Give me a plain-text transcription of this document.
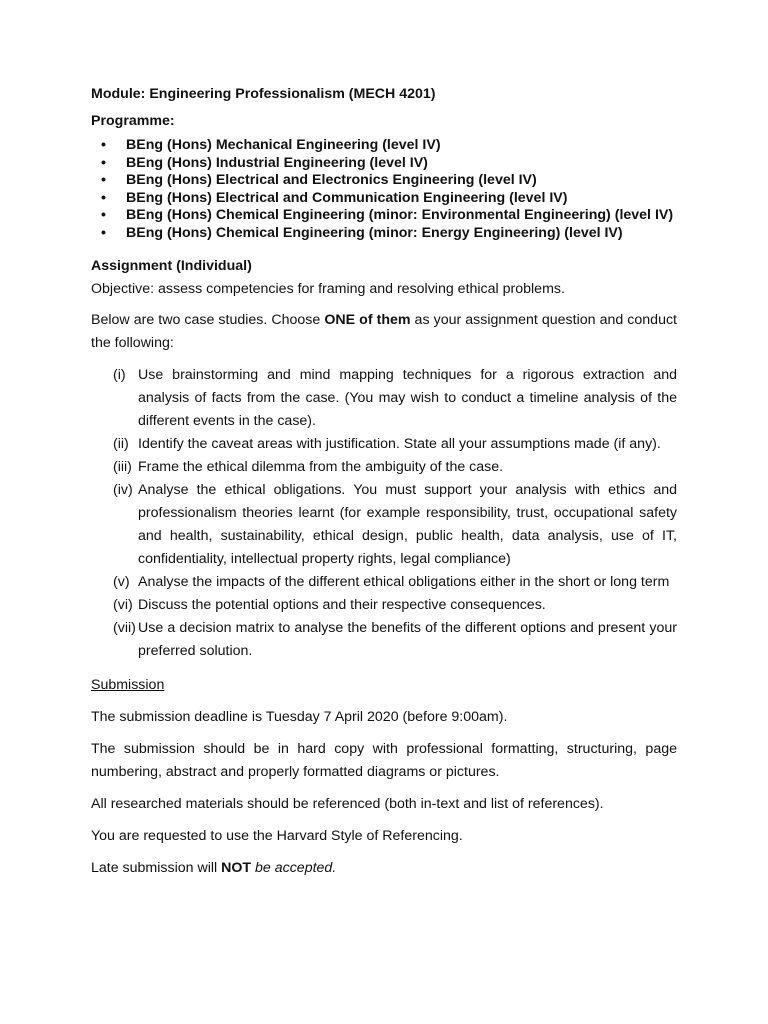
Module: Engineering Professionalism (MECH 4201)

Programme:

• BEng (Hons) Mechanical Engineering (level IV)
• BEng (Hons) Industrial Engineering (level IV)
• BEng (Hons) Electrical and Electronics Engineering (level IV)
• BEng (Hons) Electrical and Communication Engineering (level IV)
• BEng (Hons) Chemical Engineering (minor: Environmental Engineering) (level IV)
• BEng (Hons) Chemical Engineering (minor: Energy Engineering) (level IV)

Assignment (Individual)

Objective: assess competencies for framing and resolving ethical problems.

Below are two case studies. Choose ONE of them as your assignment question and conduct the following:

(i) Use brainstorming and mind mapping techniques for a rigorous extraction and analysis of facts from the case. (You may wish to conduct a timeline analysis of the different events in the case).
(ii) Identify the caveat areas with justification. State all your assumptions made (if any).
(iii) Frame the ethical dilemma from the ambiguity of the case.
(iv) Analyse the ethical obligations. You must support your analysis with ethics and professionalism theories learnt (for example responsibility, trust, occupational safety and health, sustainability, ethical design, public health, data analysis, use of IT, confidentiality, intellectual property rights, legal compliance)
(v) Analyse the impacts of the different ethical obligations either in the short or long term
(vi) Discuss the potential options and their respective consequences.
(vii) Use a decision matrix to analyse the benefits of the different options and present your preferred solution.
Submission

The submission deadline is Tuesday 7 April 2020 (before 9:00am).

The submission should be in hard copy with professional formatting, structuring, page numbering, abstract and properly formatted diagrams or pictures.

All researched materials should be referenced (both in-text and list of references).

You are requested to use the Harvard Style of Referencing.

Late submission will NOT be accepted.
